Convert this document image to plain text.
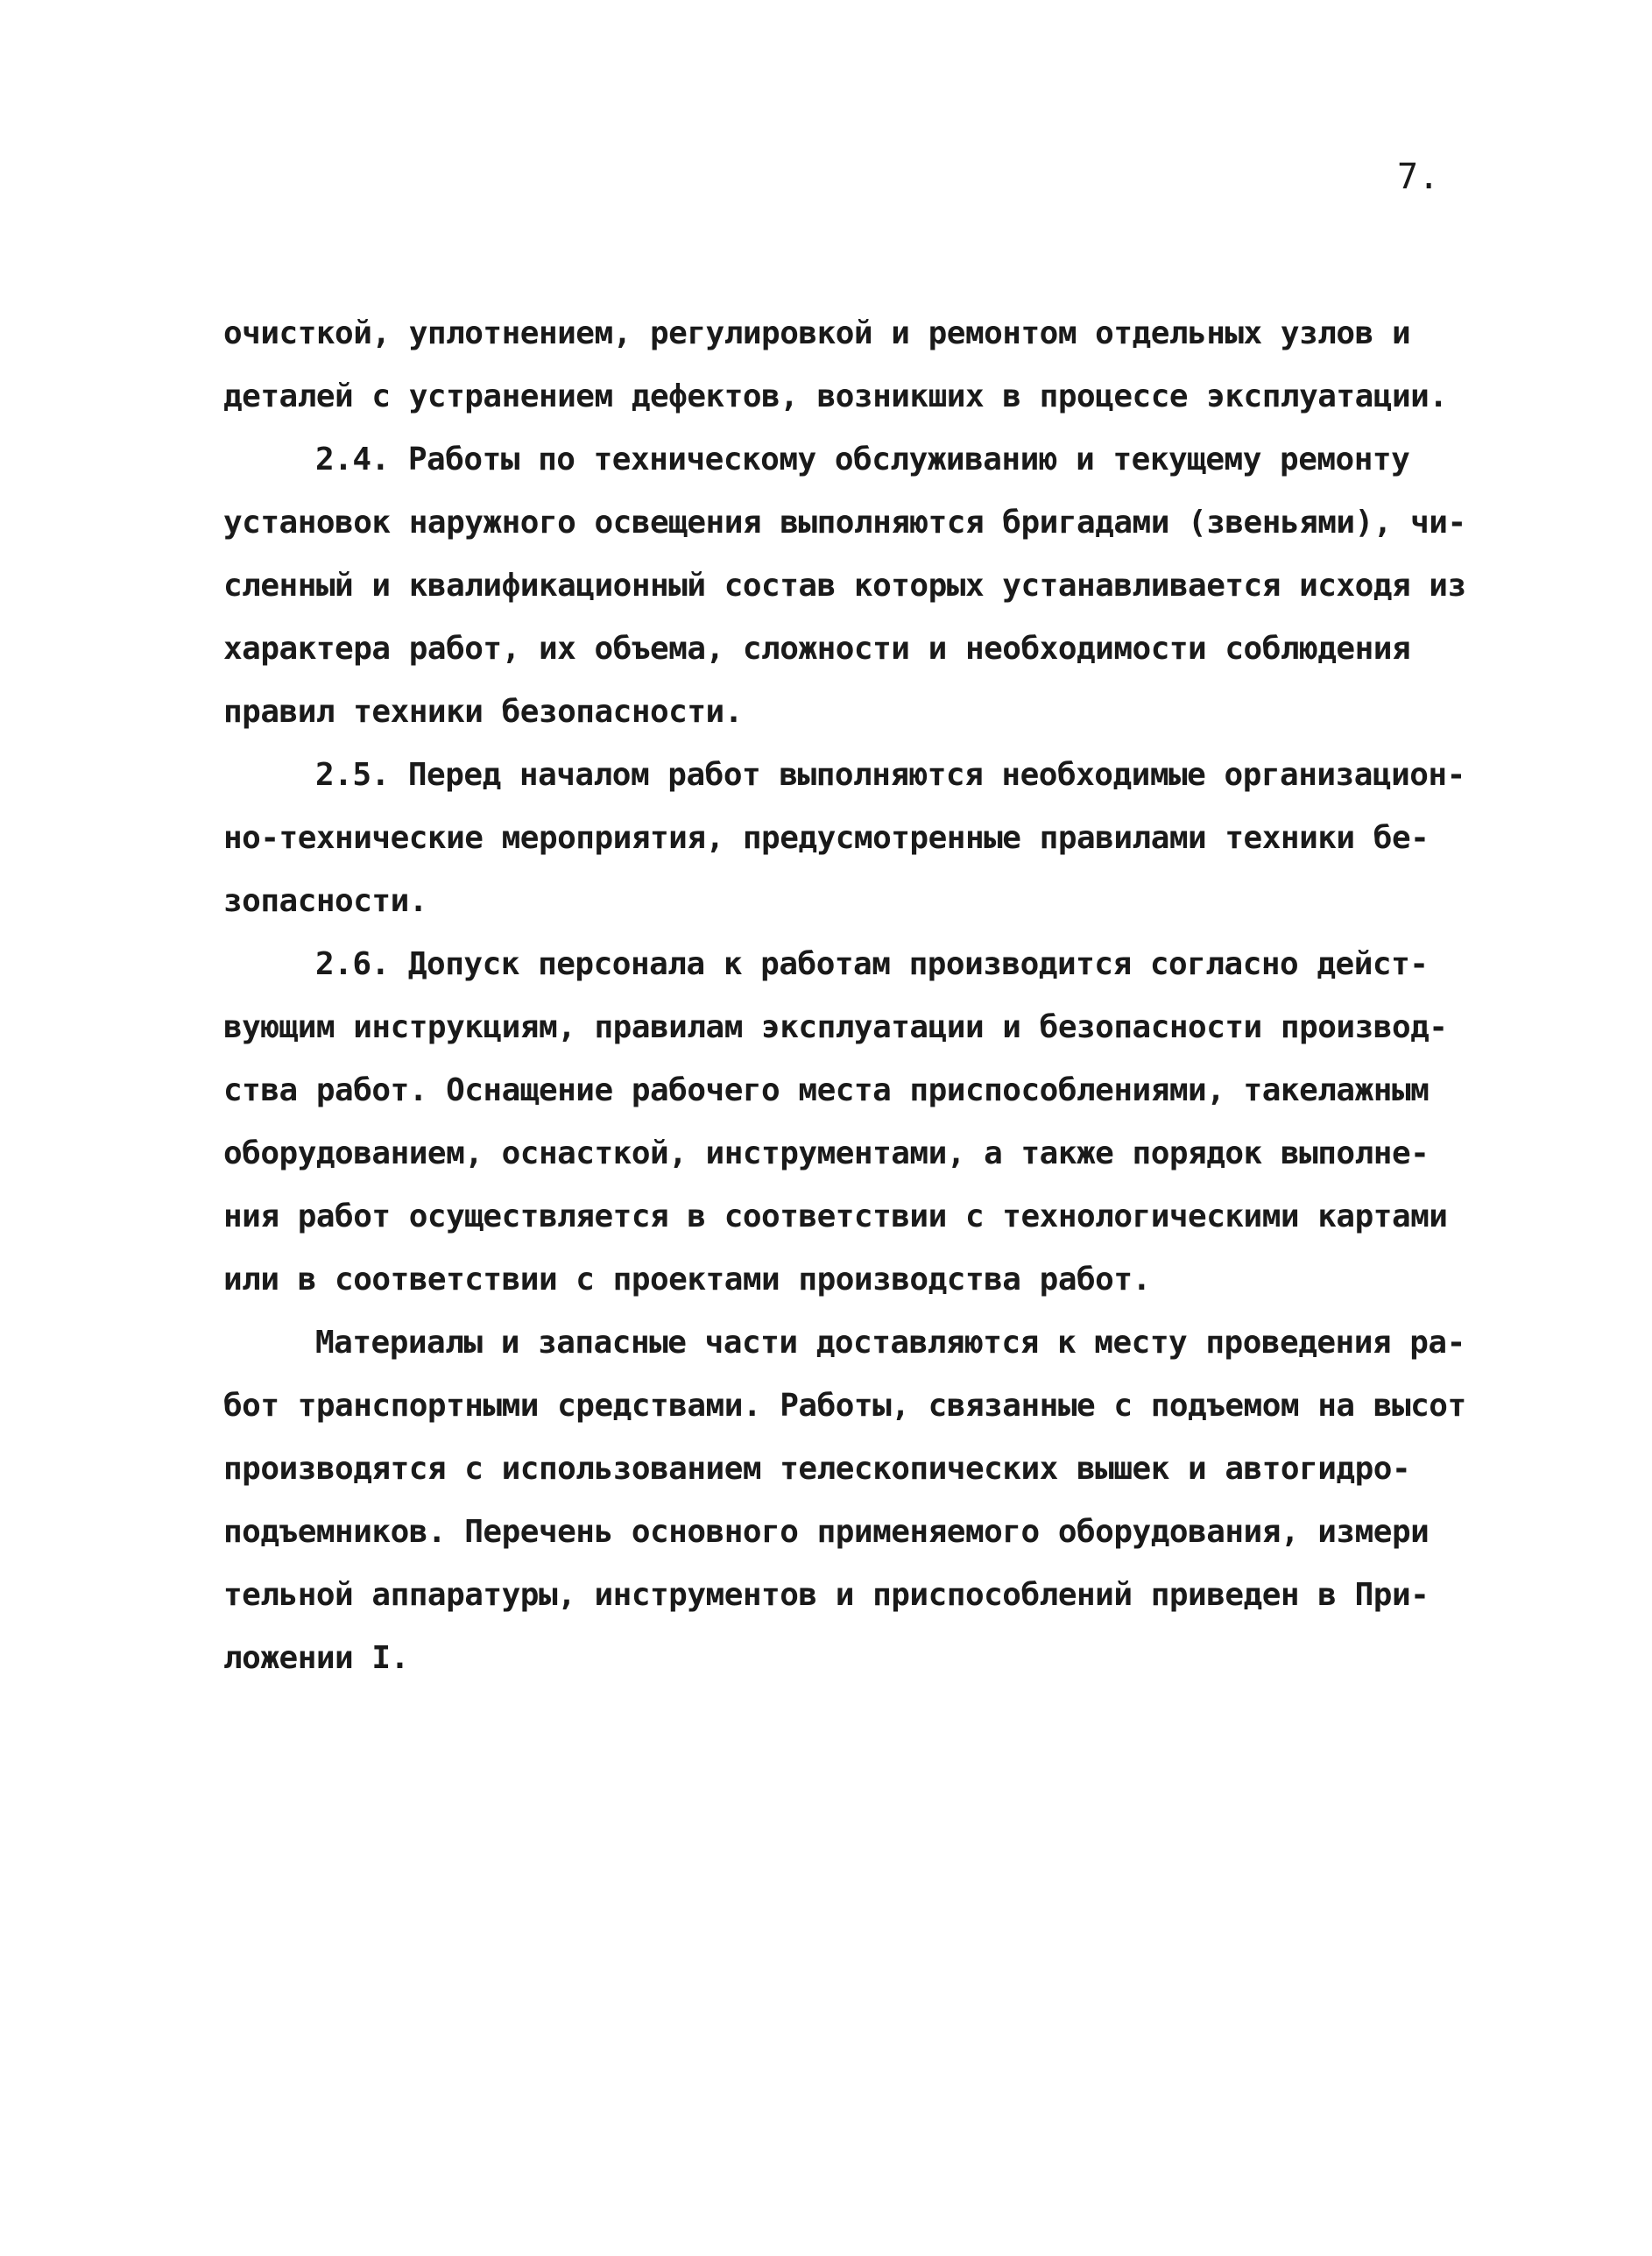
7.
очисткой, уплотнением, регулировкой и ремонтом отдельных узлов и
деталей с устранением дефектов, возникших в процессе эксплуатации.
2.4. Работы по техническому обслуживанию и текущему ремонту
установок наружного освещения выполняются бригадами (звеньями), чи-
сленный и квалификационный состав которых устанавливается исходя из
характера работ, их объема, сложности и необходимости соблюдения
правил техники безопасности.
2.5. Перед началом работ выполняются необходимые организацион-
но-технические мероприятия, предусмотренные правилами техники бе-
зопасности.
2.6. Допуск персонала к работам производится согласно дейст-
вующим инструкциям, правилам эксплуатации и безопасности производ-
ства работ. Оснащение рабочего места приспособлениями, такелажным
оборудованием, оснасткой, инструментами, а также порядок выполне-
ния работ осуществляется в соответствии с технологическими картами
или в соответствии с проектами производства работ.
Материалы и запасные части доставляются к месту проведения ра-
бот транспортными средствами. Работы, связанные с подъемом на высот
производятся с использованием телескопических вышек и автогидро-
подъемников. Перечень основного применяемого оборудования, измери
тельной аппаратуры, инструментов и приспособлений приведен в При-
ложении I.
